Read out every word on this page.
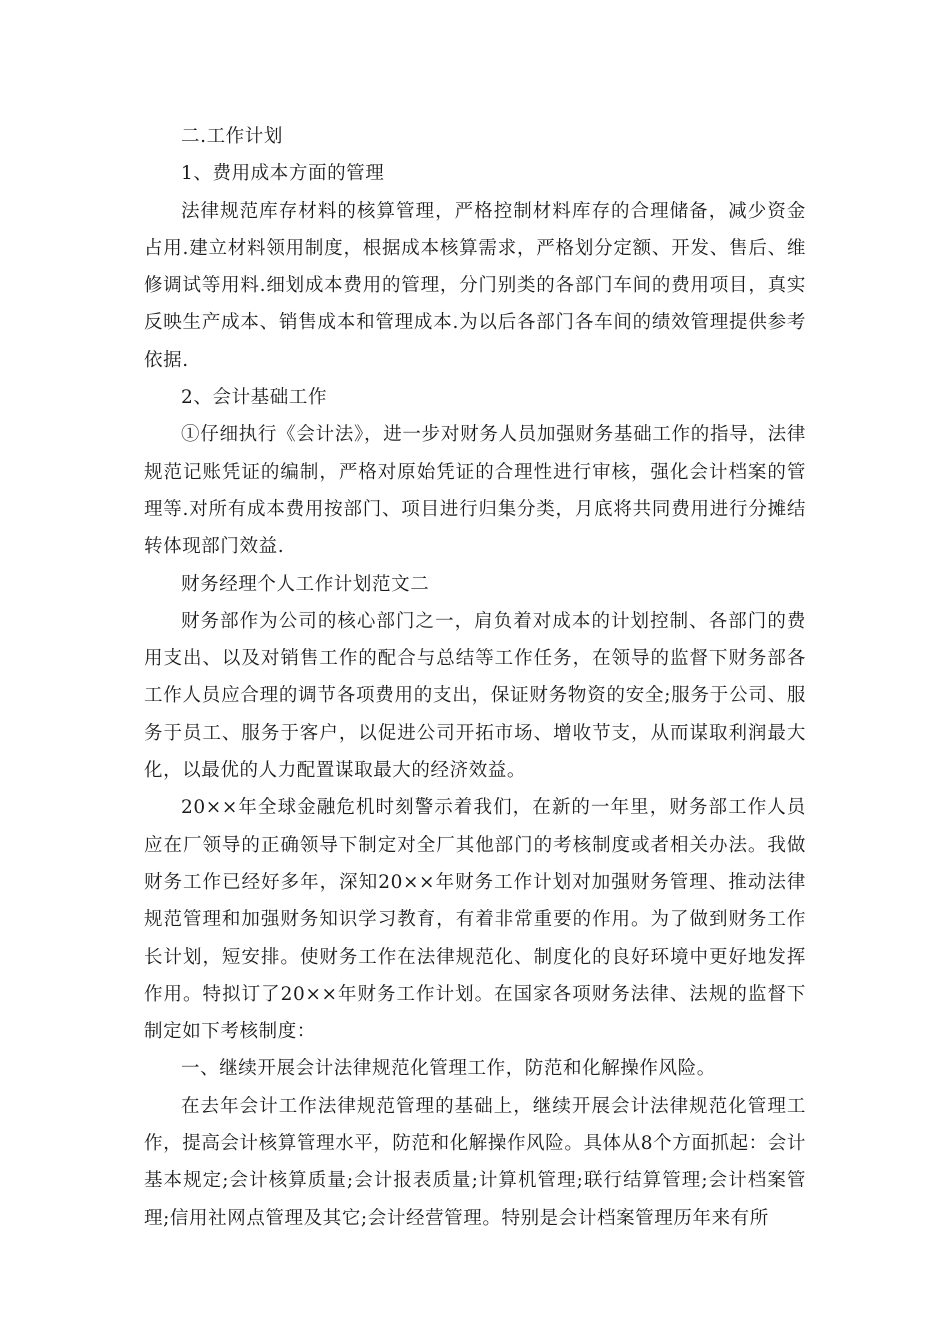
二.工作计划

1、费用成本方面的管理

法律规范库存材料的核算管理，严格控制材料库存的合理储备，减少资金占用.建立材料领用制度，根据成本核算需求，严格划分定额、开发、售后、维修调试等用料.细划成本费用的管理，分门别类的各部门车间的费用项目，真实反映生产成本、销售成本和管理成本.为以后各部门各车间的绩效管理提供参考依据.

2、会计基础工作

①仔细执行《会计法》，进一步对财务人员加强财务基础工作的指导，法律规范记账凭证的编制，严格对原始凭证的合理性进行审核，强化会计档案的管理等.对所有成本费用按部门、项目进行归集分类，月底将共同费用进行分摊结转体现部门效益.

财务经理个人工作计划范文二

财务部作为公司的核心部门之一，肩负着对成本的计划控制、各部门的费用支出、以及对销售工作的配合与总结等工作任务，在领导的监督下财务部各工作人员应合理的调节各项费用的支出，保证财务物资的安全;服务于公司、服务于员工、服务于客户，以促进公司开拓市场、增收节支，从而谋取利润最大化，以最优的人力配置谋取最大的经济效益。

20××年全球金融危机时刻警示着我们，在新的一年里，财务部工作人员应在厂领导的正确领导下制定对全厂其他部门的考核制度或者相关办法。我做财务工作已经好多年，深知20××年财务工作计划对加强财务管理、推动法律规范管理和加强财务知识学习教育，有着非常重要的作用。为了做到财务工作长计划，短安排。使财务工作在法律规范化、制度化的良好环境中更好地发挥作用。特拟订了20××年财务工作计划。在国家各项财务法律、法规的监督下制定如下考核制度：

一、继续开展会计法律规范化管理工作，防范和化解操作风险。

在去年会计工作法律规范管理的基础上，继续开展会计法律规范化管理工作，提高会计核算管理水平，防范和化解操作风险。具体从8个方面抓起：会计基本规定;会计核算质量;会计报表质量;计算机管理;联行结算管理;会计档案管理;信用社网点管理及其它;会计经营管理。特别是会计档案管理历年来有所
